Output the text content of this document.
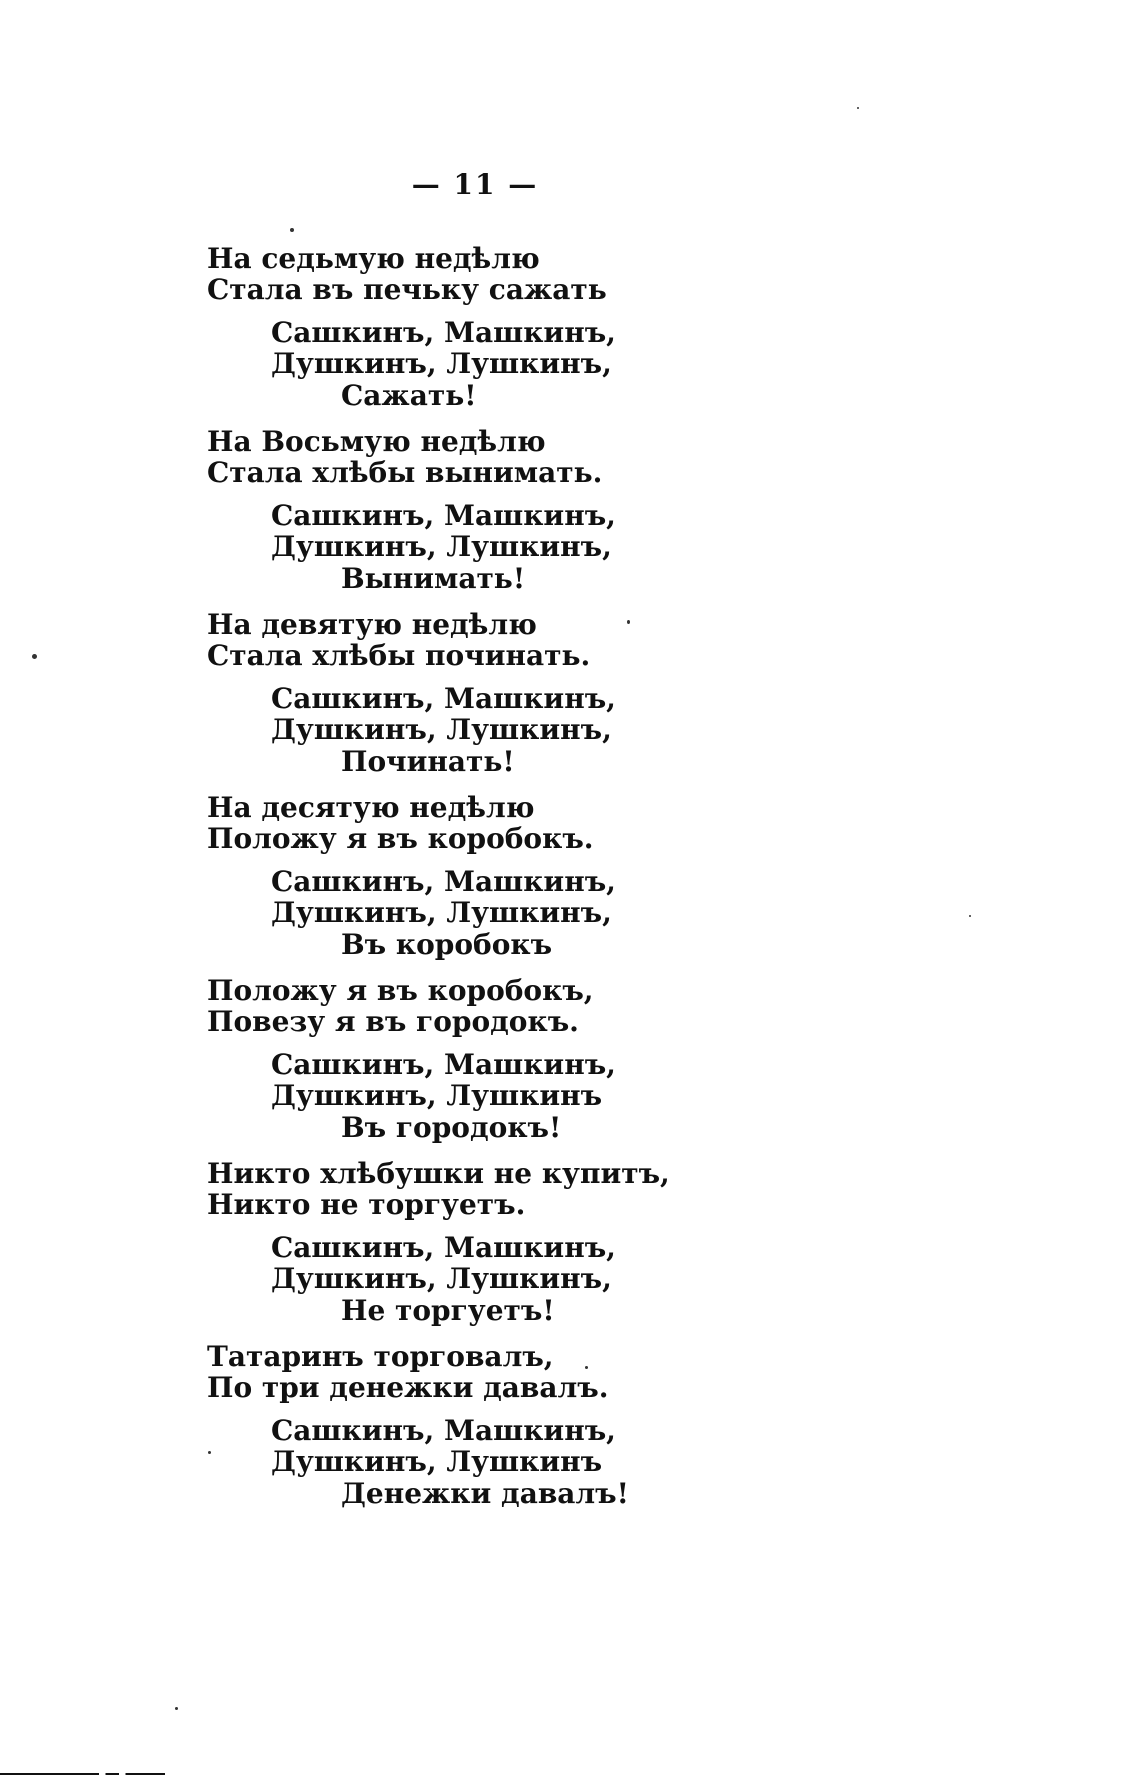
— 11 —
На седьмую недѣлю
Стала въ печьку сажать
Сашкинъ, Машкинъ,
Душкинъ, Лушкинъ,
Сажать!
На Восьмую недѣлю
Стала хлѣбы вынимать.
Сашкинъ, Машкинъ,
Душкинъ, Лушкинъ,
Вынимать!
На девятую недѣлю
Стала хлѣбы починать.
Сашкинъ, Машкинъ,
Душкинъ, Лушкинъ,
Починать!
На десятую недѣлю
Положу я въ коробокъ.
Сашкинъ, Машкинъ,
Душкинъ, Лушкинъ,
Въ коробокъ
Положу я въ коробокъ,
Повезу я въ городокъ.
Сашкинъ, Машкинъ,
Душкинъ, Лушкинъ
Въ городокъ!
Никто хлѣбушки не купитъ,
Никто не торгуетъ.
Сашкинъ, Машкинъ,
Душкинъ, Лушкинъ,
Не торгуетъ!
Татаринъ торговалъ,
По три денежки давалъ.
Сашкинъ, Машкинъ,
Душкинъ, Лушкинъ
Денежки давалъ!
